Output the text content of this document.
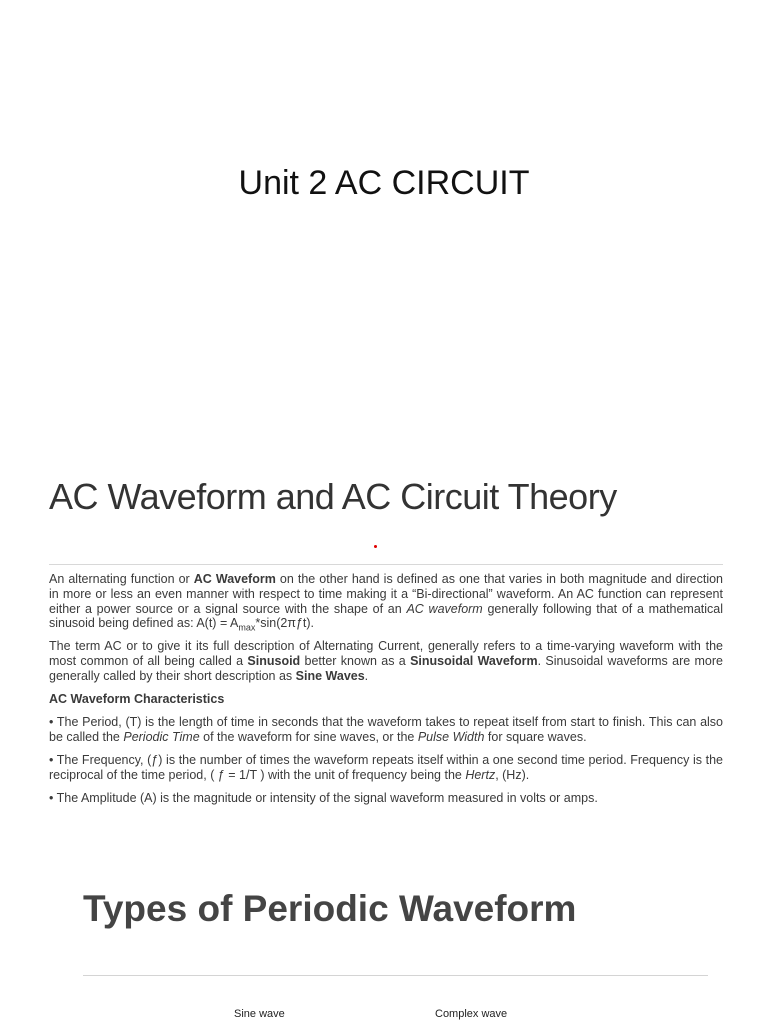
Unit 2 AC CIRCUIT
AC Waveform and AC Circuit Theory

An alternating function or AC Waveform on the other hand is defined as one that varies in both magnitude and direction in more or less an even manner with respect to time making it a “Bi-directional” waveform. An AC function can represent either a power source or a signal source with the shape of an AC waveform generally following that of a mathematical sinusoid being defined as: $A(t) = A_{max}*\sin(2\pi ƒt)$.

The term AC or to give it its full description of Alternating Current, generally refers to a time-varying waveform with the most common of all being called a Sinusoid better known as a Sinusoidal Waveform. Sinusoidal waveforms are more generally called by their short description as Sine Waves.

AC Waveform Characteristics

• The Period, (T) is the length of time in seconds that the waveform takes to repeat itself from start to finish. This can also be called the Periodic Time of the waveform for sine waves, or the Pulse Width for square waves.

• The Frequency, (ƒ) is the number of times the waveform repeats itself within a one second time period. Frequency is the reciprocal of the time period, ( ƒ = 1/T ) with the unit of frequency being the Hertz, (Hz).

• The Amplitude (A) is the magnitude or intensity of the signal waveform measured in volts or amps.

Types of Periodic Waveform
Sine wave	Complex wave
